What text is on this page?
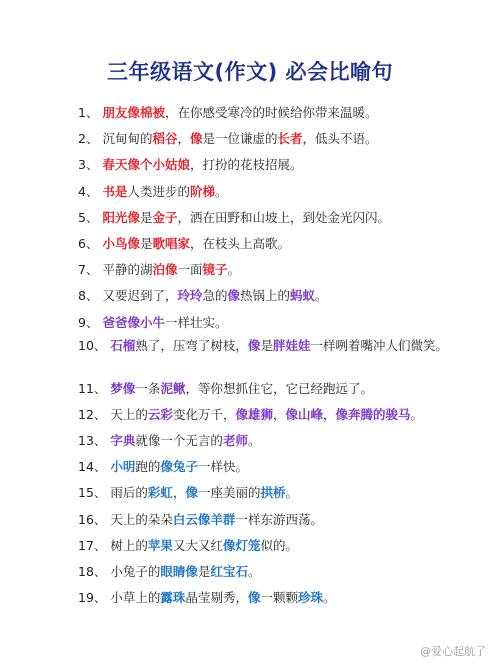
三年级语文(作文) 必会比喻句
1、 朋友像棉被，在你感受寒冷的时候给你带来温暖。
2、 沉甸甸的稻谷，像是一位谦虚的长者，低头不语。
3、 春天像个小姑娘，打扮的花枝招展。
4、 书是人类进步的阶梯。
5、 阳光像是金子，洒在田野和山坡上，到处金光闪闪。
6、 小鸟像是歌唱家，在枝头上高歌。
7、 平静的湖泊像一面镜子。
8、 又要迟到了，玲玲急的像热锅上的蚂蚁。
9、 爸爸像小牛一样壮实。
10、 石榴熟了，压弯了树枝，像是胖娃娃一样咧着嘴冲人们微笑。
11、 梦像一条泥鳅，等你想抓住它，它已经跑远了。
12、 天上的云彩变化万千，像雄狮，像山峰，像奔腾的骏马。
13、 字典就像一个无言的老师。
14、 小明跑的像兔子一样快。
15、 雨后的彩虹，像一座美丽的拱桥。
16、 天上的朵朵白云像羊群一样东游西荡。
17、 树上的苹果又大又红像灯笼似的。
18、 小兔子的眼睛像是红宝石。
19、 小草上的露珠晶莹剔秀，像一颗颗珍珠。
@爱心起航了
